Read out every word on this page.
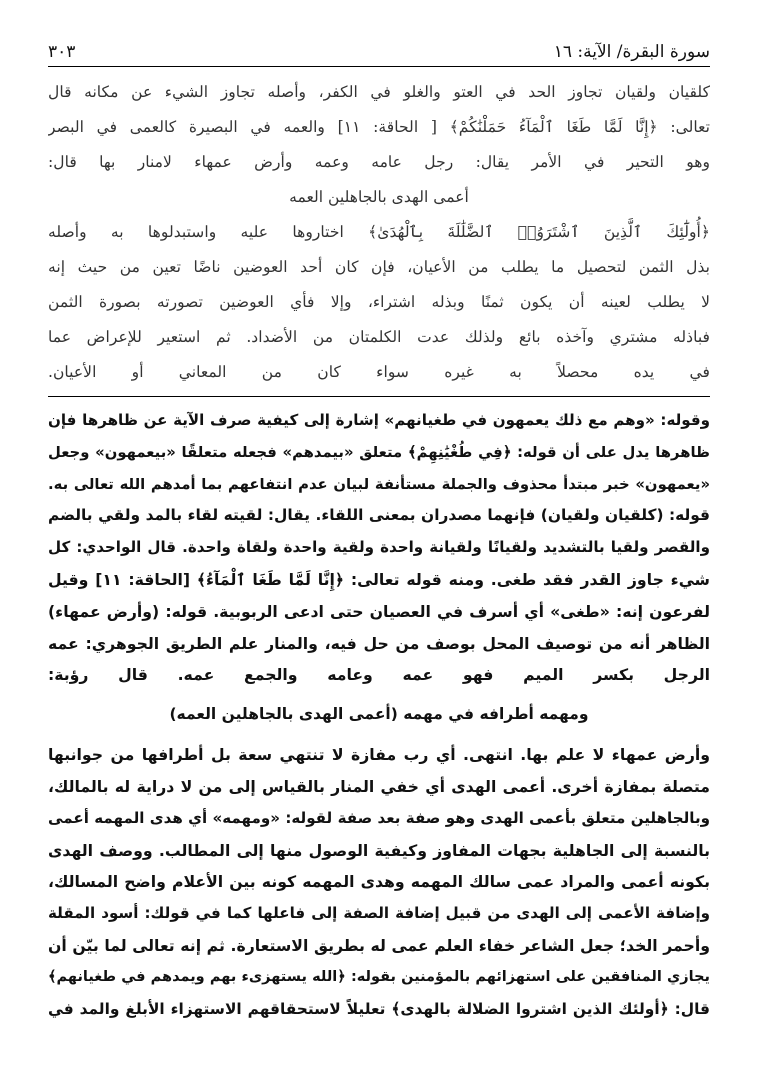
سورة البقرة/ الآية: ١٦
٣٠٣

كلقيان ولقيان تجاوز الحد في العتو والغلو في الكفر، وأصله تجاوز الشيء عن مكانه قال

تعالى: ﴿إِنَّا لَمَّا طَغَا ٱلْمَآءُ حَمَلْنَٰكُمْ﴾ [ الحاقة: ١١] والعمه في البصيرة كالعمى في البصر

وهو التحير في الأمر يقال: رجل عامه وعمه وأرض عمهاء لامنار بها قال:

أعمى الهدى بالجاهلين العمه

﴿أُولَٰٓئِكَ ٱلَّذِينَ ٱشْتَرَوُا۟ ٱلضَّلَٰلَةَ بِٱلْهُدَىٰ﴾ اختاروها عليه واستبدلوها به وأصله

بذل الثمن لتحصيل ما يطلب من الأعيان، فإن كان أحد العوضين ناضًا تعين من حيث إنه

لا يطلب لعينه أن يكون ثمنًا وبذله اشتراء، وإلا فأي العوضين تصورته بصورة الثمن

فباذله مشتري وآخذه بائع ولذلك عدت الكلمتان من الأضداد. ثم استعير للإعراض عما

في يده محصلاً به غيره سواء كان من المعاني أو الأعيان.

وقوله: «وهم مع ذلك يعمهون في طغيانهم» إشارة إلى كيفية صرف الآية عن ظاهرها فإن

ظاهرها يدل على أن قوله: ﴿فِي طُغْيَٰنِهِمْ﴾ متعلق «بيمدهم» فجعله متعلقًا «بيعمهون» وجعل

«يعمهون» خبر مبتدأ محذوف والجملة مستأنفة لبيان عدم انتفاعهم بما أمدهم الله تعالى به.

قوله: (كلقيان ولقيان) فإنهما مصدران بمعنى اللقاء. يقال: لقيته لقاء بالمد ولقي بالضم

والقصر ولقيا بالتشديد ولقيانًا ولقيانة واحدة ولقية واحدة ولقاة واحدة. قال الواحدي: كل

شيء جاوز القدر فقد طغى. ومنه قوله تعالى: ﴿إِنَّا لَمَّا طَغَا ٱلْمَآءُ﴾ [الحاقة: ١١] وقيل

لفرعون إنه: «طغى» أي أسرف في العصيان حتى ادعى الربوبية. قوله: (وأرض عمهاء)

الظاهر أنه من توصيف المحل بوصف من حل فيه، والمنار علم الطريق الجوهري: عمه

الرجل بكسر الميم فهو عمه وعامه والجمع عمه. قال رؤبة:

ومهمه أطرافه في مهمه (أعمى الهدى بالجاهلين العمه)

وأرض عمهاء لا علم بها. انتهى. أي رب مفازة لا تنتهي سعة بل أطرافها من جوانبها

متصلة بمفازة أخرى. أعمى الهدى أي خفي المنار بالقياس إلى من لا دراية له بالمالك،

وبالجاهلين متعلق بأعمى الهدى وهو صفة بعد صفة لقوله: «ومهمه» أي هدى المهمه أعمى

بالنسبة إلى الجاهلية بجهات المفاوز وكيفية الوصول منها إلى المطالب. ووصف الهدى

بكونه أعمى والمراد عمى سالك المهمه وهدى المهمه كونه بين الأعلام واضح المسالك،

وإضافة الأعمى إلى الهدى من قبيل إضافة الصفة إلى فاعلها كما في قولك: أسود المقلة

وأحمر الخد؛ جعل الشاعر خفاء العلم عمى له بطريق الاستعارة. ثم إنه تعالى لما بيّن أن

يجازي المنافقين على استهزائهم بالمؤمنين بقوله: ﴿الله يستهزىء بهم ويمدهم في طغيانهم﴾

قال: ﴿أولئك الذين اشتروا الضلالة بالهدى﴾ تعليلاً لاستحقاقهم الاستهزاء الأبلغ والمد في
